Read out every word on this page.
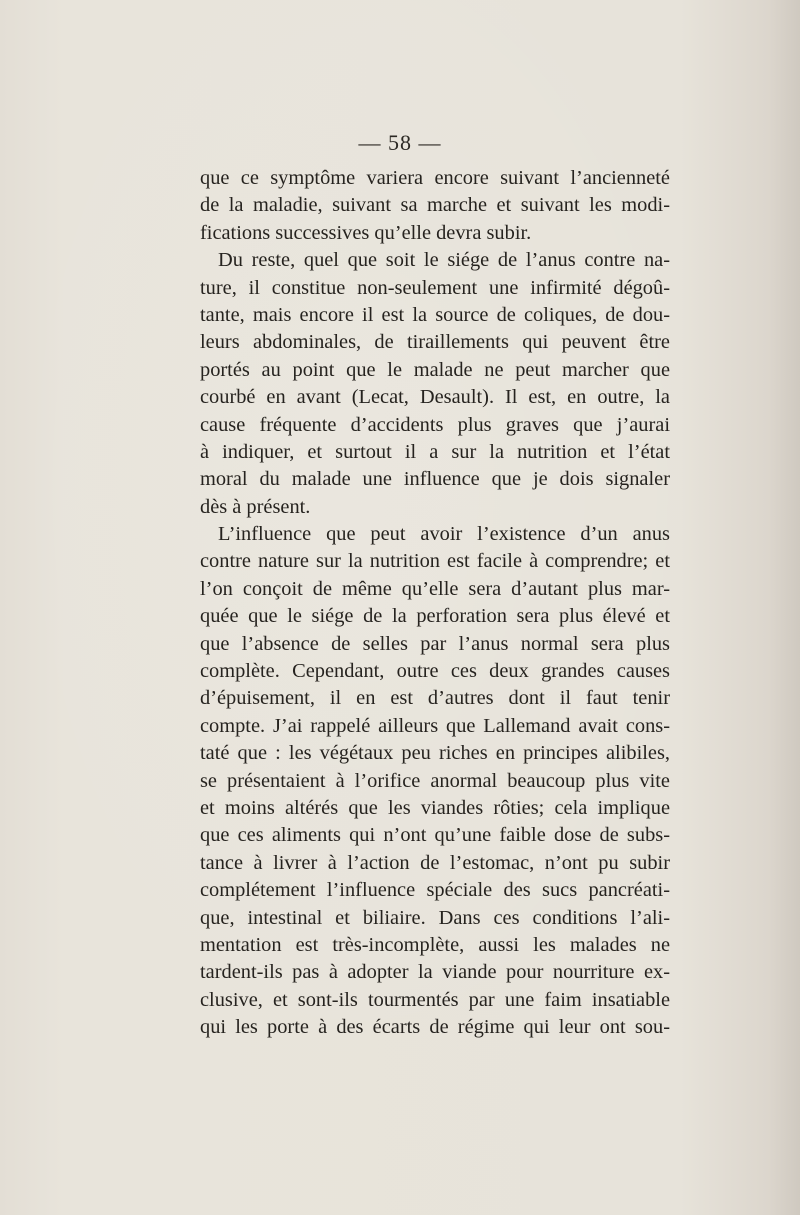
— 58 —
que ce symptôme variera encore suivant l’ancienneté
de la maladie, suivant sa marche et suivant les modi-
fications successives qu’elle devra subir.
Du reste, quel que soit le siége de l’anus contre na-
ture, il constitue non-seulement une infirmité dégoû-
tante, mais encore il est la source de coliques, de dou-
leurs abdominales, de tiraillements qui peuvent être
portés au point que le malade ne peut marcher que
courbé en avant (Lecat, Desault). Il est, en outre, la
cause fréquente d’accidents plus graves que j’aurai
à indiquer, et surtout il a sur la nutrition et l’état
moral du malade une influence que je dois signaler
dès à présent.
L’influence que peut avoir l’existence d’un anus
contre nature sur la nutrition est facile à comprendre; et
l’on conçoit de même qu’elle sera d’autant plus mar-
quée que le siége de la perforation sera plus élevé et
que l’absence de selles par l’anus normal sera plus
complète. Cependant, outre ces deux grandes causes
d’épuisement, il en est d’autres dont il faut tenir
compte. J’ai rappelé ailleurs que Lallemand avait cons-
taté que : les végétaux peu riches en principes alibiles,
se présentaient à l’orifice anormal beaucoup plus vite
et moins altérés que les viandes rôties; cela implique
que ces aliments qui n’ont qu’une faible dose de subs-
tance à livrer à l’action de l’estomac, n’ont pu subir
complétement l’influence spéciale des sucs pancréati-
que, intestinal et biliaire. Dans ces conditions l’ali-
mentation est très-incomplète, aussi les malades ne
tardent-ils pas à adopter la viande pour nourriture ex-
clusive, et sont-ils tourmentés par une faim insatiable
qui les porte à des écarts de régime qui leur ont sou-
